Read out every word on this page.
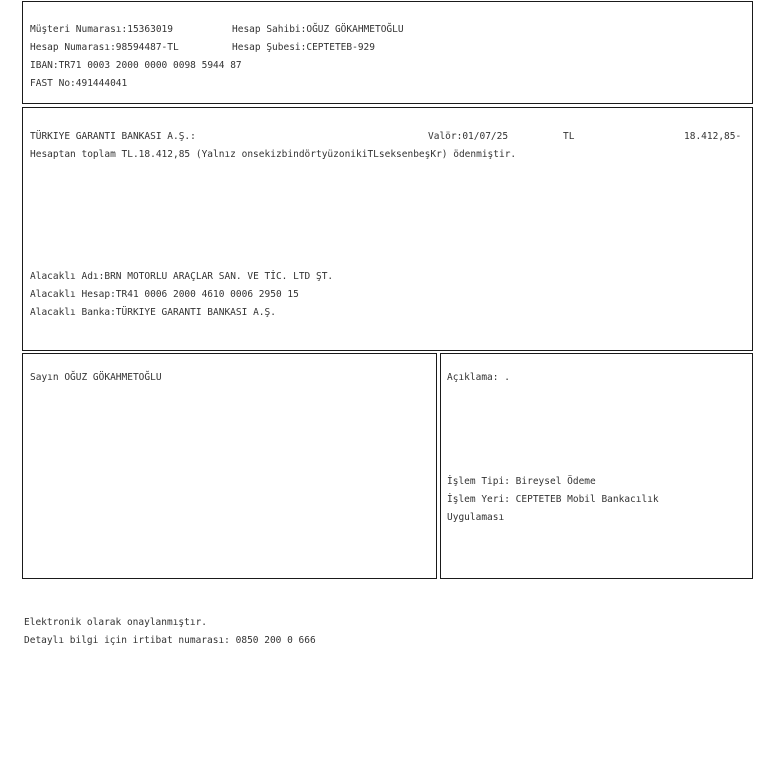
Müşteri Numarası:15363019	Hesap Sahibi:OĞUZ GÖKAHMETOĞLU
Hesap Numarası:98594487-TL	Hesap Şubesi:CEPTETEB-929
IBAN:TR71 0003 2000 0000 0098 5944 87
FAST No:491444041
TÜRKIYE GARANTI BANKASI A.Ş.:	Valör:01/07/25	TL	18.412,85-
Hesaptan toplam TL.18.412,85 (Yalnız onsekizbindörtyüzonikiTLseksenbeşKr) ödenmiştir.
Alacaklı Adı:BRN MOTORLU ARAÇLAR SAN. VE TİC. LTD ŞT.
Alacaklı Hesap:TR41 0006 2000 4610 0006 2950 15
Alacaklı Banka:TÜRKIYE GARANTI BANKASI A.Ş.
Sayın OĞUZ GÖKAHMETOĞLU	Açıklama: .
İşlem Tipi: Bireysel Ödeme
İşlem Yeri: CEPTETEB Mobil Bankacılık
Uygulaması
Elektronik olarak onaylanmıştır.
Detaylı bilgi için irtibat numarası: 0850 200 0 666
